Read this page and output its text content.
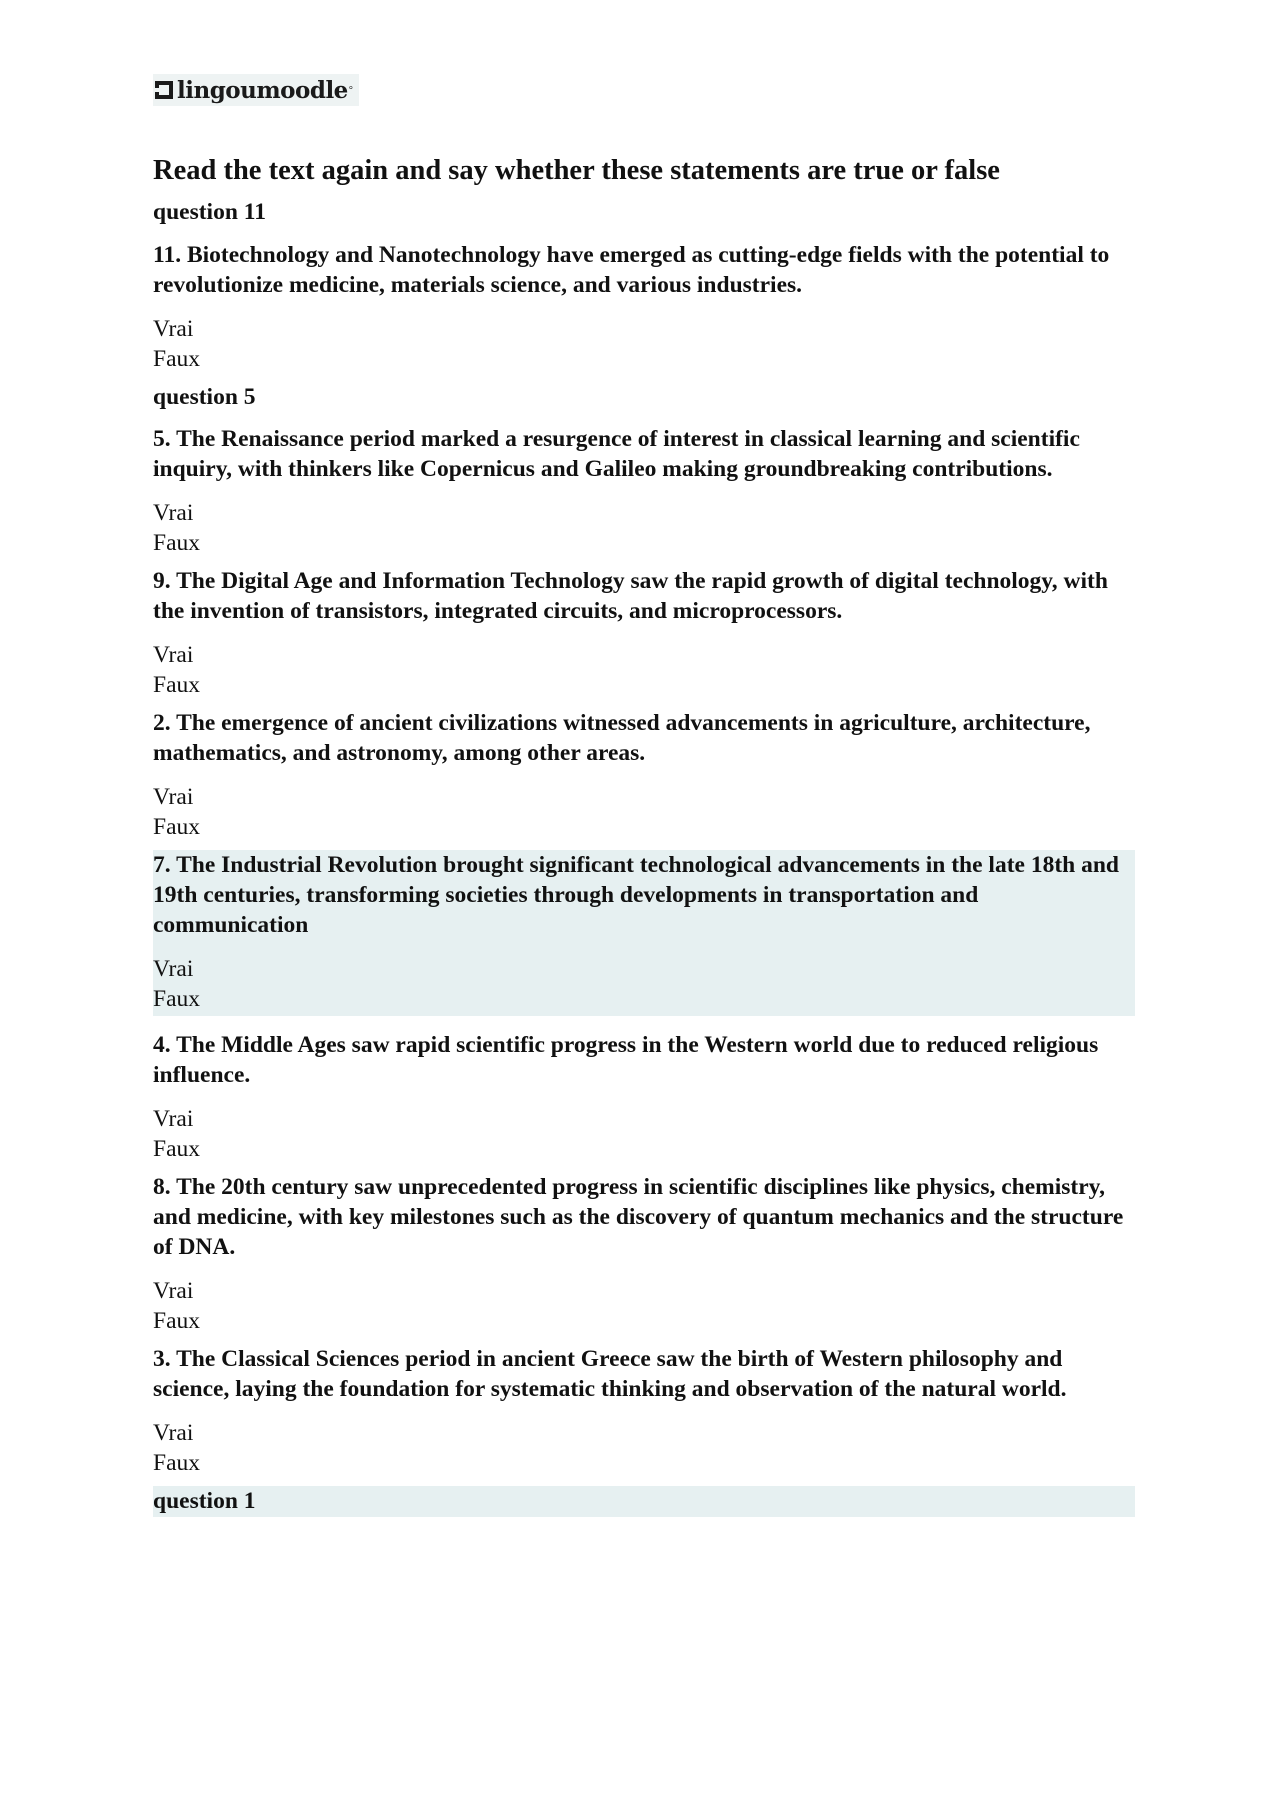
lingoumoodle °
Read the text again and say whether these statements are true or false
question 11
11. Biotechnology and Nanotechnology have emerged as cutting-edge fields with the potential to revolutionize medicine, materials science, and various industries.
Vrai
Faux
question 5
5. The Renaissance period marked a resurgence of interest in classical learning and scientific inquiry, with thinkers like Copernicus and Galileo making groundbreaking contributions.
Vrai
Faux
9. The Digital Age and Information Technology saw the rapid growth of digital technology, with the invention of transistors, integrated circuits, and microprocessors.
Vrai
Faux
2. The emergence of ancient civilizations witnessed advancements in agriculture, architecture, mathematics, and astronomy, among other areas.
Vrai
Faux
7. The Industrial Revolution brought significant technological advancements in the late 18th and 19th centuries, transforming societies through developments in transportation and communication
Vrai
Faux
4. The Middle Ages saw rapid scientific progress in the Western world due to reduced religious influence.
Vrai
Faux
8. The 20th century saw unprecedented progress in scientific disciplines like physics, chemistry, and medicine, with key milestones such as the discovery of quantum mechanics and the structure of DNA.
Vrai
Faux
3. The Classical Sciences period in ancient Greece saw the birth of Western philosophy and science, laying the foundation for systematic thinking and observation of the natural world.
Vrai
Faux
question 1
